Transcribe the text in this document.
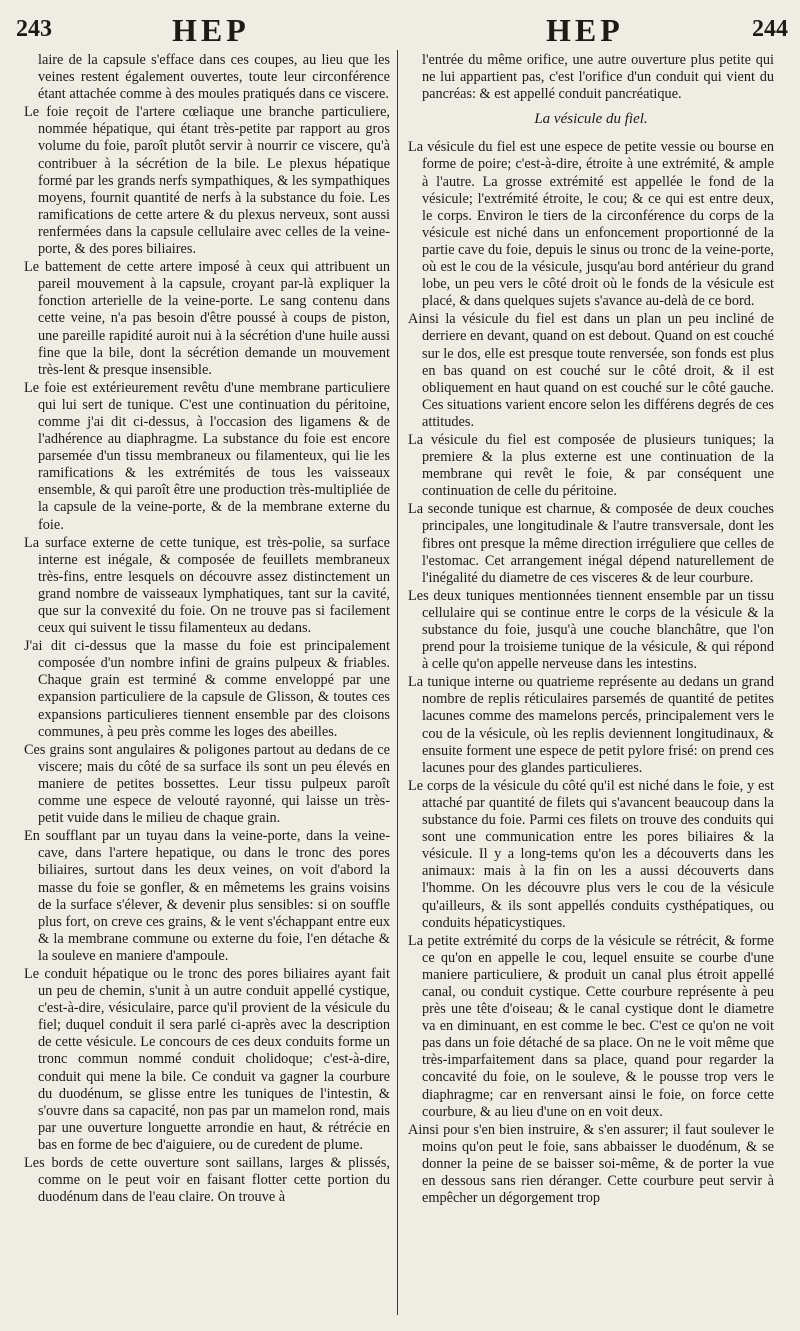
243	HEP	HEP	244

laire de la capsule s'efface dans ces coupes, au lieu que les veines restent également ouvertes, toute leur circonférence étant attachée comme à des moules pratiqués dans ce viscere.

Le foie reçoit de l'artere cœliaque une branche particuliere, nommée hépatique, qui étant très-petite par rapport au gros volume du foie, paroît plutôt servir à nourrir ce viscere, qu'à contribuer à la sécrétion de la bile. Le plexus hépatique formé par les grands nerfs sympathiques, & les sympathiques moyens, fournit quantité de nerfs à la substance du foie. Les ramifications de cette artere & du plexus nerveux, sont aussi renfermées dans la capsule cellulaire avec celles de la veine-porte, & des pores biliaires.

Le battement de cette artere imposé à ceux qui attribuent un pareil mouvement à la capsule, croyant par-là expliquer la fonction arterielle de la veine-porte. Le sang contenu dans cette veine, n'a pas besoin d'être poussé à coups de piston, une pareille rapidité auroit nui à la sécrétion d'une huile aussi fine que la bile, dont la sécrétion demande un mouvement très-lent & presque insensible.

Le foie est extérieurement revêtu d'une membrane particuliere qui lui sert de tunique. C'est une continuation du péritoine, comme j'ai dit ci-dessus, à l'occasion des ligamens & de l'adhérence au diaphragme. La substance du foie est encore parsemée d'un tissu membraneux ou filamenteux, qui lie les ramifications & les extrémités de tous les vaisseaux ensemble, & qui paroît être une production très-multipliée de la capsule de la veine-porte, & de la membrane externe du foie.

La surface externe de cette tunique, est très-polie, sa surface interne est inégale, & composée de feuillets membraneux très-fins, entre lesquels on découvre assez distinctement un grand nombre de vaisseaux lymphatiques, tant sur la cavité, que sur la convexité du foie. On ne trouve pas si facilement ceux qui suivent le tissu filamenteux au dedans.

J'ai dit ci-dessus que la masse du foie est principalement composée d'un nombre infini de grains pulpeux & friables. Chaque grain est terminé & comme enveloppé par une expansion particuliere de la capsule de Glisson, & toutes ces expansions particulieres tiennent ensemble par des cloisons communes, à peu près comme les loges des abeilles.

Ces grains sont angulaires & poligones partout au dedans de ce viscere; mais du côté de sa surface ils sont un peu élevés en maniere de petites bossettes. Leur tissu pulpeux paroît comme une espece de velouté rayonné, qui laisse un très-petit vuide dans le milieu de chaque grain.

En soufflant par un tuyau dans la veine-porte, dans la veine-cave, dans l'artere hepatique, ou dans le tronc des pores biliaires, surtout dans les deux veines, on voit d'abord la masse du foie se gonfler, & en mêmetems les grains voisins de la surface s'élever, & devenir plus sensibles: si on souffle plus fort, on creve ces grains, & le vent s'échappant entre eux & la membrane commune ou externe du foie, l'en détache & la souleve en maniere d'ampoule.

Le conduit hépatique ou le tronc des pores biliaires ayant fait un peu de chemin, s'unit à un autre conduit appellé cystique, c'est-à-dire, vésiculaire, parce qu'il provient de la vésicule du fiel; duquel conduit il sera parlé ci-après avec la description de cette vésicule. Le concours de ces deux conduits forme un tronc commun nommé conduit cholidoque; c'est-à-dire, conduit qui mene la bile. Ce conduit va gagner la courbure du duodénum, se glisse entre les tuniques de l'intestin, & s'ouvre dans sa capacité, non pas par un mamelon rond, mais par une ouverture longuette arrondie en haut, & rétrécie en bas en forme de bec d'aiguiere, ou de curedent de plume.

Les bords de cette ouverture sont saillans, larges & plissés, comme on le peut voir en faisant flotter cette portion du duodénum dans de l'eau claire. On trouve à

l'entrée du même orifice, une autre ouverture plus petite qui ne lui appartient pas, c'est l'orifice d'un conduit qui vient du pancréas: & est appellé conduit pancréatique.

La vésicule du fiel.

La vésicule du fiel est une espece de petite vessie ou bourse en forme de poire; c'est-à-dire, étroite à une extrémité, & ample à l'autre. La grosse extrémité est appellée le fond de la vésicule; l'extrémité étroite, le cou; & ce qui est entre deux, le corps. Environ le tiers de la circonférence du corps de la vésicule est niché dans un enfoncement proportionné de la partie cave du foie, depuis le sinus ou tronc de la veine-porte, où est le cou de la vésicule, jusqu'au bord antérieur du grand lobe, un peu vers le côté droit où le fonds de la vésicule est placé, & dans quelques sujets s'avance au-delà de ce bord.

Ainsi la vésicule du fiel est dans un plan un peu incliné de derriere en devant, quand on est debout. Quand on est couché sur le dos, elle est presque toute renversée, son fonds est plus en bas quand on est couché sur le côté droit, & il est obliquement en haut quand on est couché sur le côté gauche. Ces situations varient encore selon les différens degrés de ces attitudes.

La vésicule du fiel est composée de plusieurs tuniques; la premiere & la plus externe est une continuation de la membrane qui revêt le foie, & par conséquent une continuation de celle du péritoine.

La seconde tunique est charnue, & composée de deux couches principales, une longitudinale & l'autre transversale, dont les fibres ont presque la même direction irréguliere que celles de l'estomac. Cet arrangement inégal dépend naturellement de l'inégalité du diametre de ces visceres & de leur courbure.

Les deux tuniques mentionnées tiennent ensemble par un tissu cellulaire qui se continue entre le corps de la vésicule & la substance du foie, jusqu'à une couche blanchâtre, que l'on prend pour la troisieme tunique de la vésicule, & qui répond à celle qu'on appelle nerveuse dans les intestins.

La tunique interne ou quatrieme représente au dedans un grand nombre de replis réticulaires parsemés de quantité de petites lacunes comme des mamelons percés, principalement vers le cou de la vésicule, où les replis deviennent longitudinaux, & ensuite forment une espece de petit pylore frisé: on prend ces lacunes pour des glandes particulieres.

Le corps de la vésicule du côté qu'il est niché dans le foie, y est attaché par quantité de filets qui s'avancent beaucoup dans la substance du foie. Parmi ces filets on trouve des conduits qui sont une communication entre les pores biliaires & la vésicule. Il y a long-tems qu'on les a découverts dans les animaux: mais à la fin on les a aussi découverts dans l'homme. On les découvre plus vers le cou de la vésicule qu'ailleurs, & ils sont appellés conduits cysthépatiques, ou conduits hépaticystiques.

La petite extrémité du corps de la vésicule se rétrécit, & forme ce qu'on en appelle le cou, lequel ensuite se courbe d'une maniere particuliere, & produit un canal plus étroit appellé canal, ou conduit cystique. Cette courbure représente à peu près une tête d'oiseau; & le canal cystique dont le diametre va en diminuant, en est comme le bec. C'est ce qu'on ne voit pas dans un foie détaché de sa place. On ne le voit même que très-imparfaitement dans sa place, quand pour regarder la concavité du foie, on le souleve, & le pousse trop vers le diaphragme; car en renversant ainsi le foie, on force cette courbure, & au lieu d'une on en voit deux.

Ainsi pour s'en bien instruire, & s'en assurer; il faut soulever le moins qu'on peut le foie, sans abbaisser le duodénum, & se donner la peine de se baisser soi-même, & de porter la vue en dessous sans rien déranger. Cette courbure peut servir à empêcher un dégorgement trop
